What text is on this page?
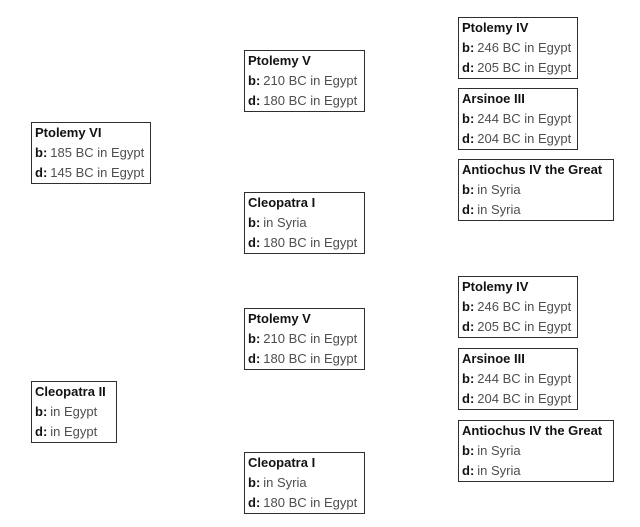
Ptolemy VI
b: 185 BC in Egypt
d: 145 BC in Egypt
Cleopatra II
b: in Egypt
d: in Egypt
Ptolemy V
b: 210 BC in Egypt
d: 180 BC in Egypt
Cleopatra I
b: in Syria
d: 180 BC in Egypt
Ptolemy V
b: 210 BC in Egypt
d: 180 BC in Egypt
Cleopatra I
b: in Syria
d: 180 BC in Egypt
Ptolemy IV
b: 246 BC in Egypt
d: 205 BC in Egypt
Arsinoe III
b: 244 BC in Egypt
d: 204 BC in Egypt
Antiochus IV the Great
b: in Syria
d: in Syria
Ptolemy IV
b: 246 BC in Egypt
d: 205 BC in Egypt
Arsinoe III
b: 244 BC in Egypt
d: 204 BC in Egypt
Antiochus IV the Great
b: in Syria
d: in Syria
